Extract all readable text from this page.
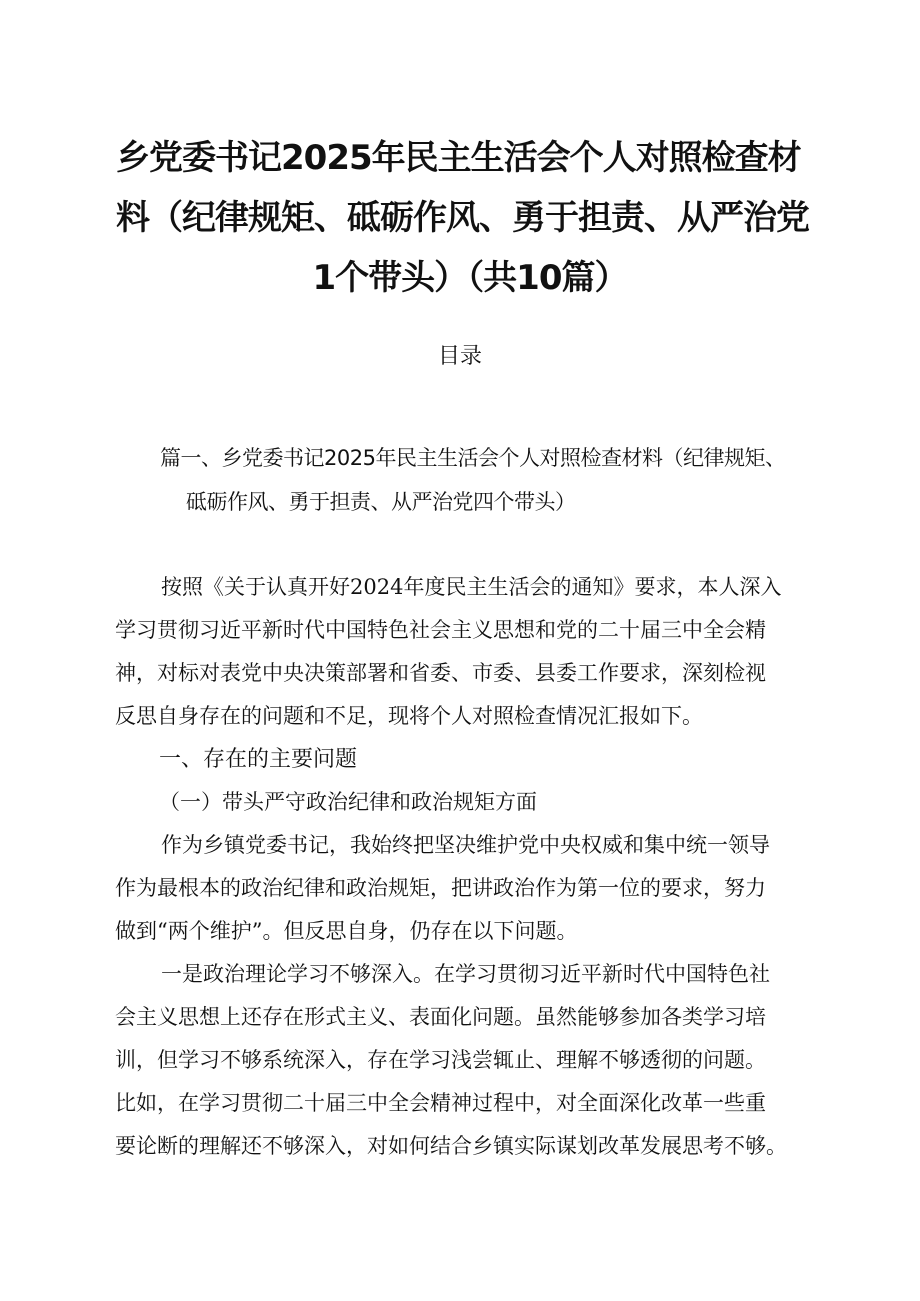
乡党委书记2025年民主生活会个人对照检查材
料（纪律规矩、砥砺作风、勇于担责、从严治党
1个带头）（共10篇）
目录
篇一、乡党委书记2025年民主生活会个人对照检查材料（纪律规矩、
砥砺作风、勇于担责、从严治党四个带头）
按照《关于认真开好2024年度民主生活会的通知》要求，本人深入
学习贯彻习近平新时代中国特色社会主义思想和党的二十届三中全会精
神，对标对表党中央决策部署和省委、市委、县委工作要求，深刻检视
反思自身存在的问题和不足，现将个人对照检查情况汇报如下。
一、存在的主要问题
（一）带头严守政治纪律和政治规矩方面
作为乡镇党委书记，我始终把坚决维护党中央权威和集中统一领导
作为最根本的政治纪律和政治规矩，把讲政治作为第一位的要求，努力
做到“两个维护”。但反思自身，仍存在以下问题。
一是政治理论学习不够深入。在学习贯彻习近平新时代中国特色社
会主义思想上还存在形式主义、表面化问题。虽然能够参加各类学习培
训，但学习不够系统深入，存在学习浅尝辄止、理解不够透彻的问题。
比如，在学习贯彻二十届三中全会精神过程中，对全面深化改革一些重
要论断的理解还不够深入，对如何结合乡镇实际谋划改革发展思考不够。
